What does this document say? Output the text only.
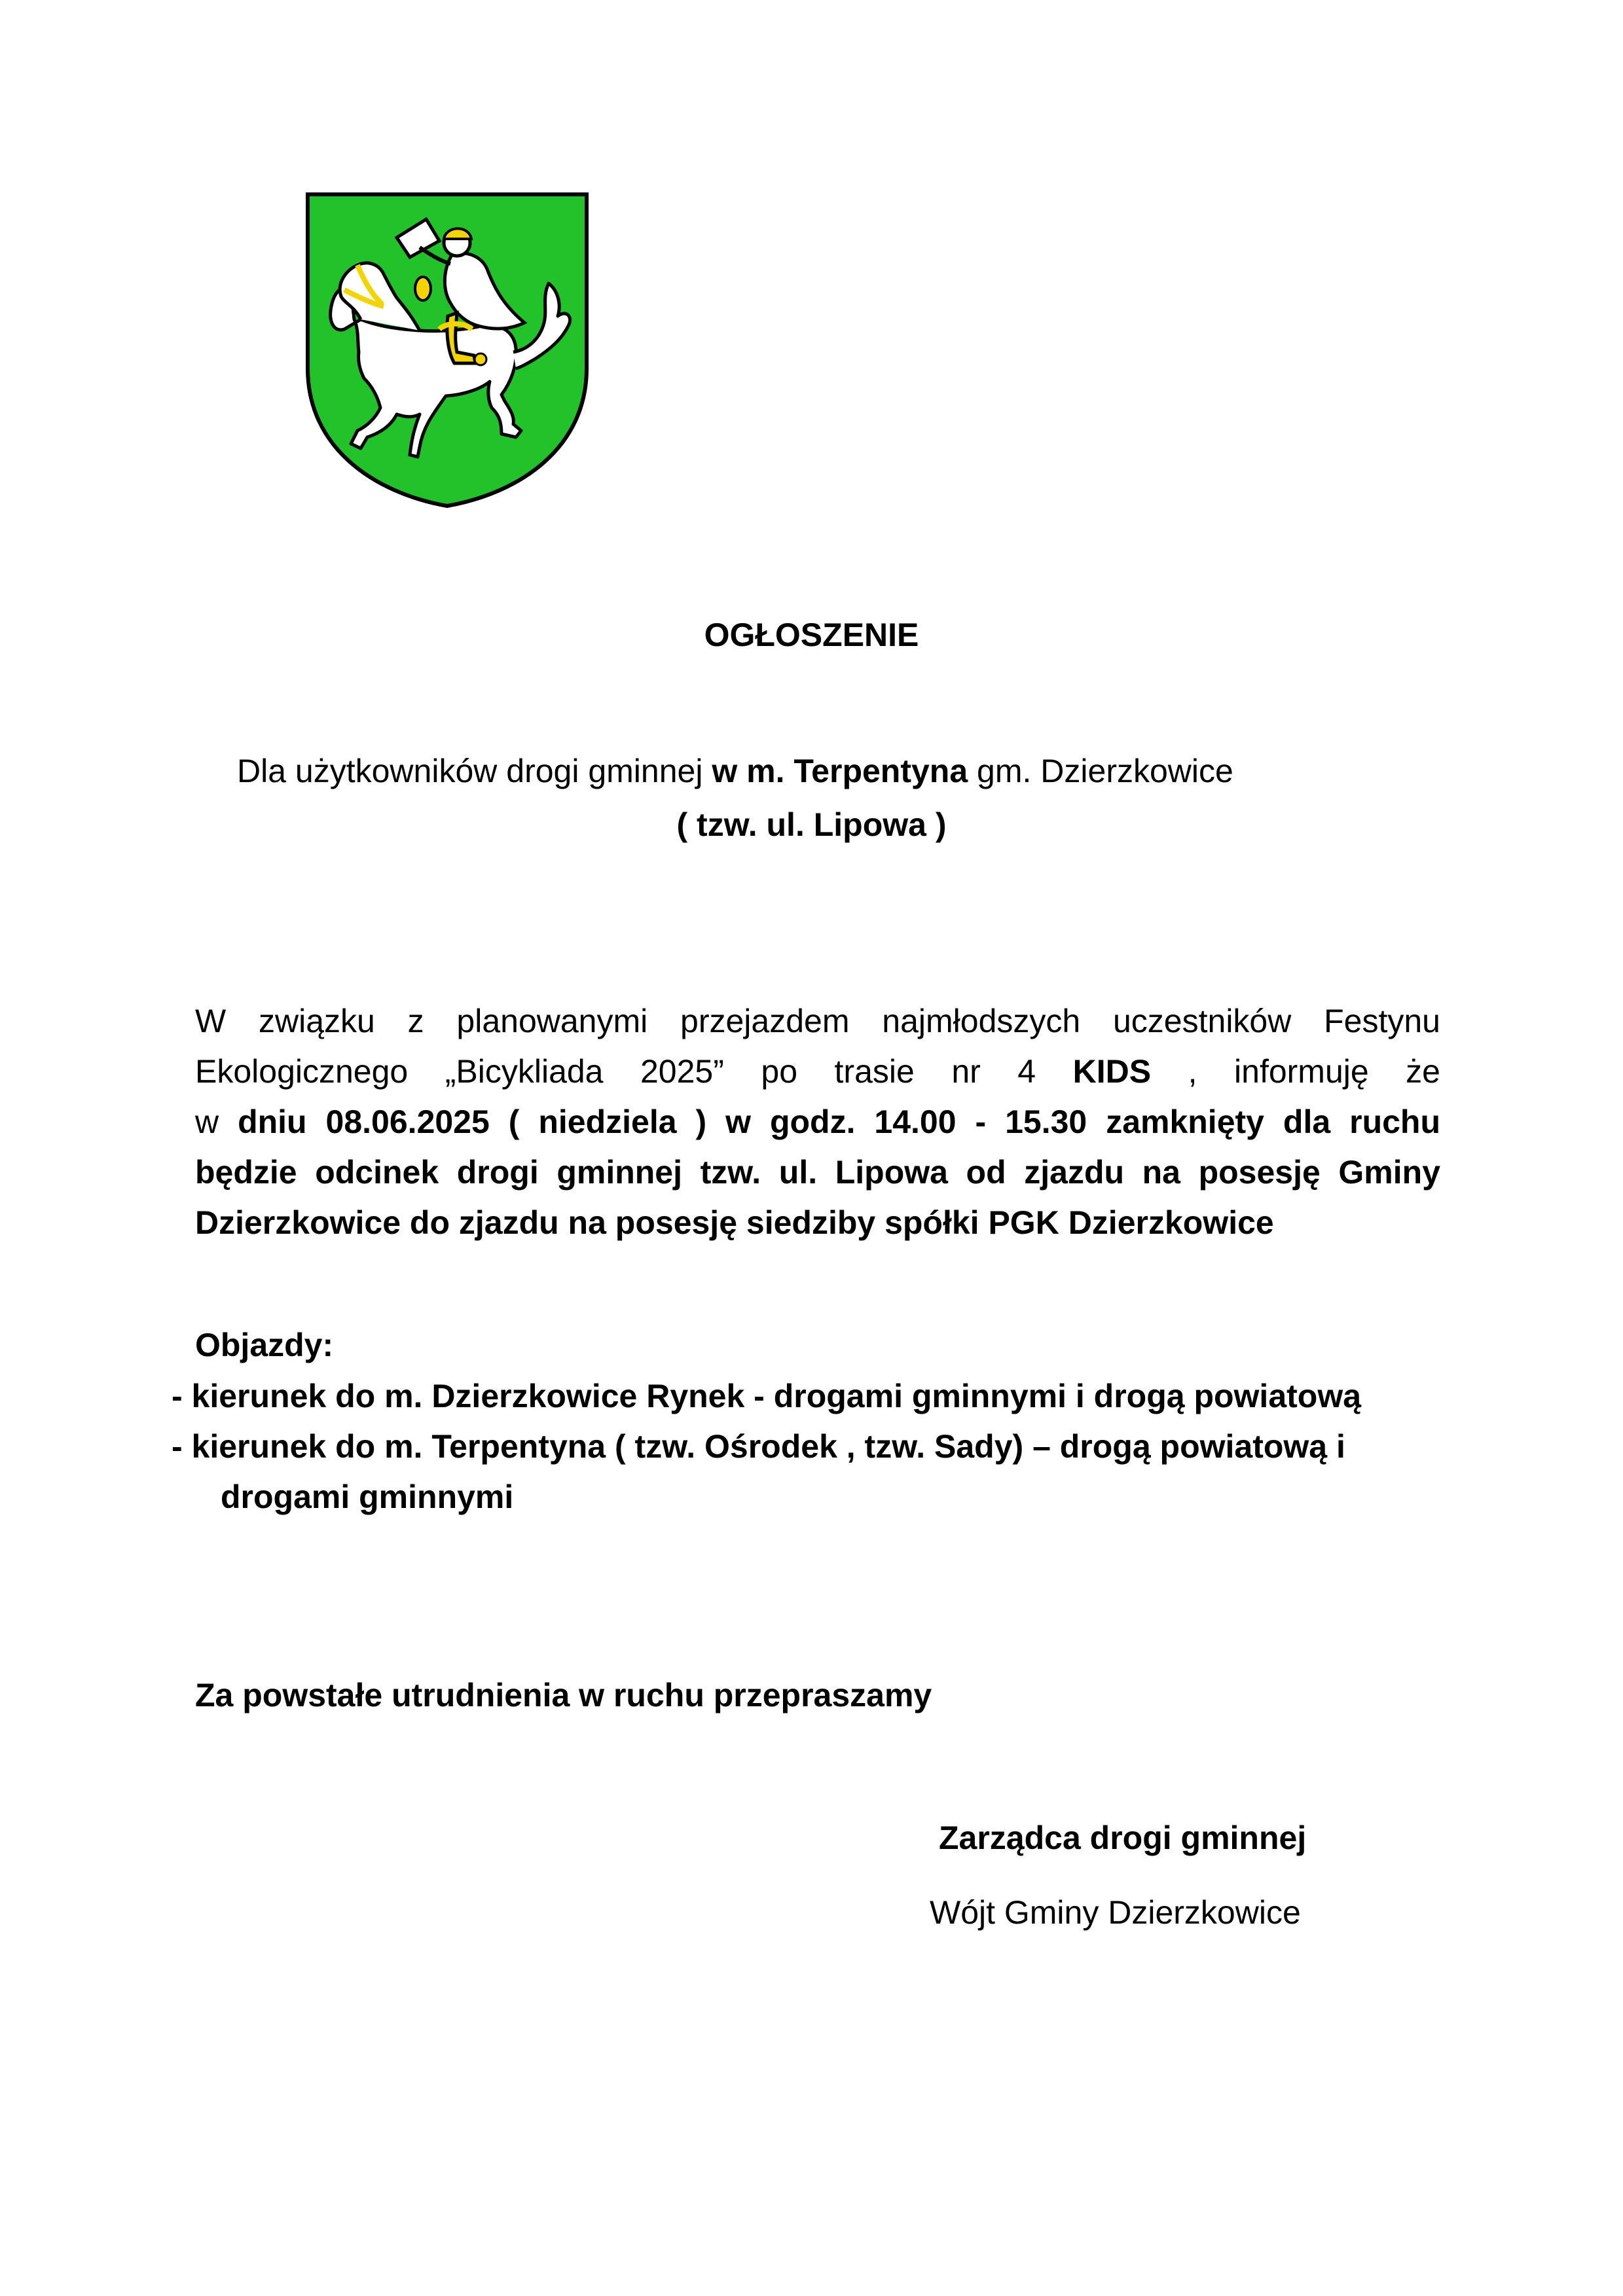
OGŁOSZENIE
Dla użytkowników drogi gminnej w m. Terpentyna gm. Dzierzkowice
( tzw. ul. Lipowa )
W związku z planowanymi przejazdem najmłodszych uczestników Festynu
Ekologicznego „Bicykliada 2025” po trasie nr 4 KIDS , informuję że
w dniu 08.06.2025 ( niedziela ) w godz. 14.00 - 15.30 zamknięty dla ruchu
będzie odcinek drogi gminnej tzw. ul. Lipowa od zjazdu na posesję Gminy
Dzierzkowice do zjazdu na posesję siedziby spółki PGK Dzierzkowice
Objazdy:
- kierunek do m. Dzierzkowice Rynek - drogami gminnymi i drogą powiatową
- kierunek do m. Terpentyna ( tzw. Ośrodek , tzw. Sady) – drogą powiatową i
drogami gminnymi
Za powstałe utrudnienia w ruchu przepraszamy
Zarządca drogi gminnej
Wójt Gminy Dzierzkowice
